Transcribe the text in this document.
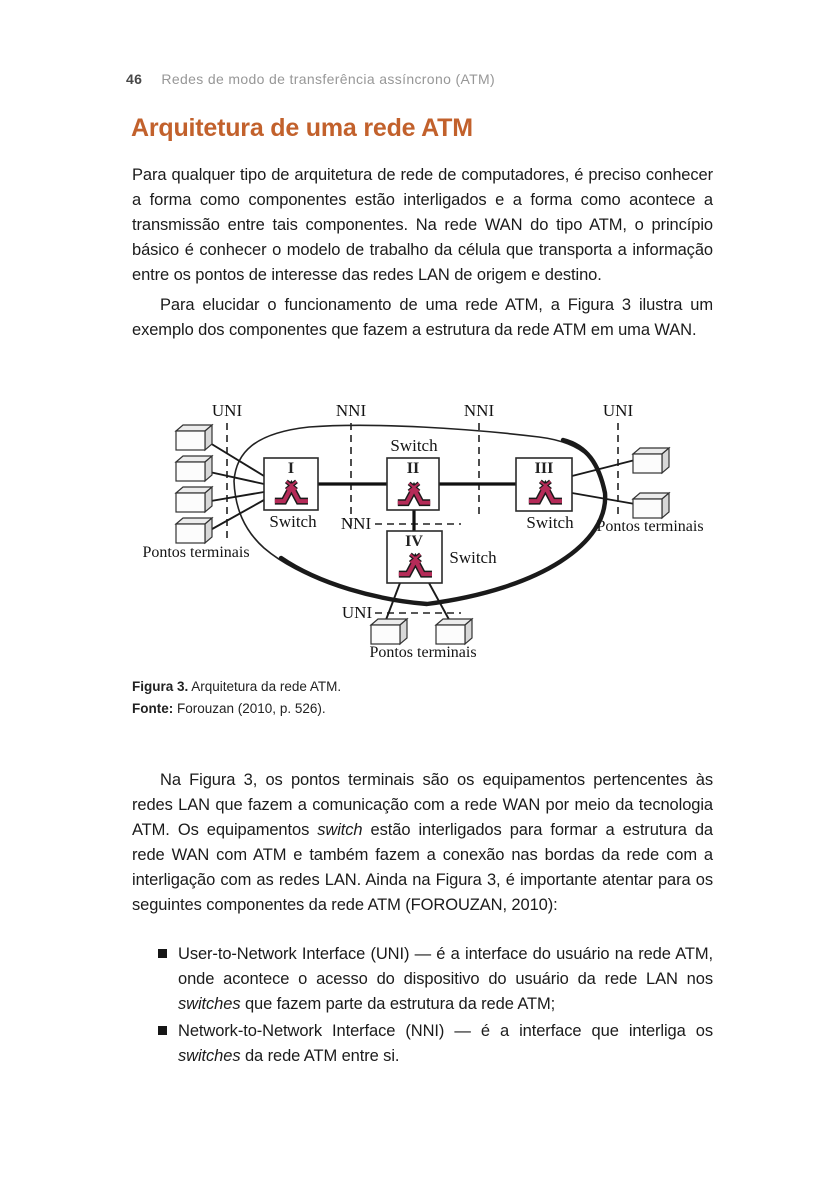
46 Redes de modo de transferência assíncrono (ATM)
Arquitetura de uma rede ATM
Para qualquer tipo de arquitetura de rede de computadores, é preciso conhecer a forma como componentes estão interligados e a forma como acontece a transmissão entre tais componentes. Na rede WAN do tipo ATM, o princípio básico é conhecer o modelo de trabalho da célula que transporta a informação entre os pontos de interesse das redes LAN de origem e destino.
Para elucidar o funcionamento de uma rede ATM, a Figura 3 ilustra um exemplo dos componentes que fazem a estrutura da rede ATM em uma WAN.
UNI	NNI	NNI	UNI
NNI
UNI
I	II	III
IV
Switch
Switch
Switch
Switch
Pontos terminais
Pontos terminais
Pontos terminais
Figura 3. Arquitetura da rede ATM.
Fonte: Forouzan (2010, p. 526).
Na Figura 3, os pontos terminais são os equipamentos pertencentes às redes LAN que fazem a comunicação com a rede WAN por meio da tecnologia ATM. Os equipamentos switch estão interligados para formar a estrutura da rede WAN com ATM e também fazem a conexão nas bordas da rede com a interligação com as redes LAN. Ainda na Figura 3, é importante atentar para os seguintes componentes da rede ATM (FOROUZAN, 2010):
User-to-Network Interface (UNI) — é a interface do usuário na rede ATM, onde acontece o acesso do dispositivo do usuário da rede LAN nos switches que fazem parte da estrutura da rede ATM;
Network-to-Network Interface (NNI) — é a interface que interliga os switches da rede ATM entre si.
